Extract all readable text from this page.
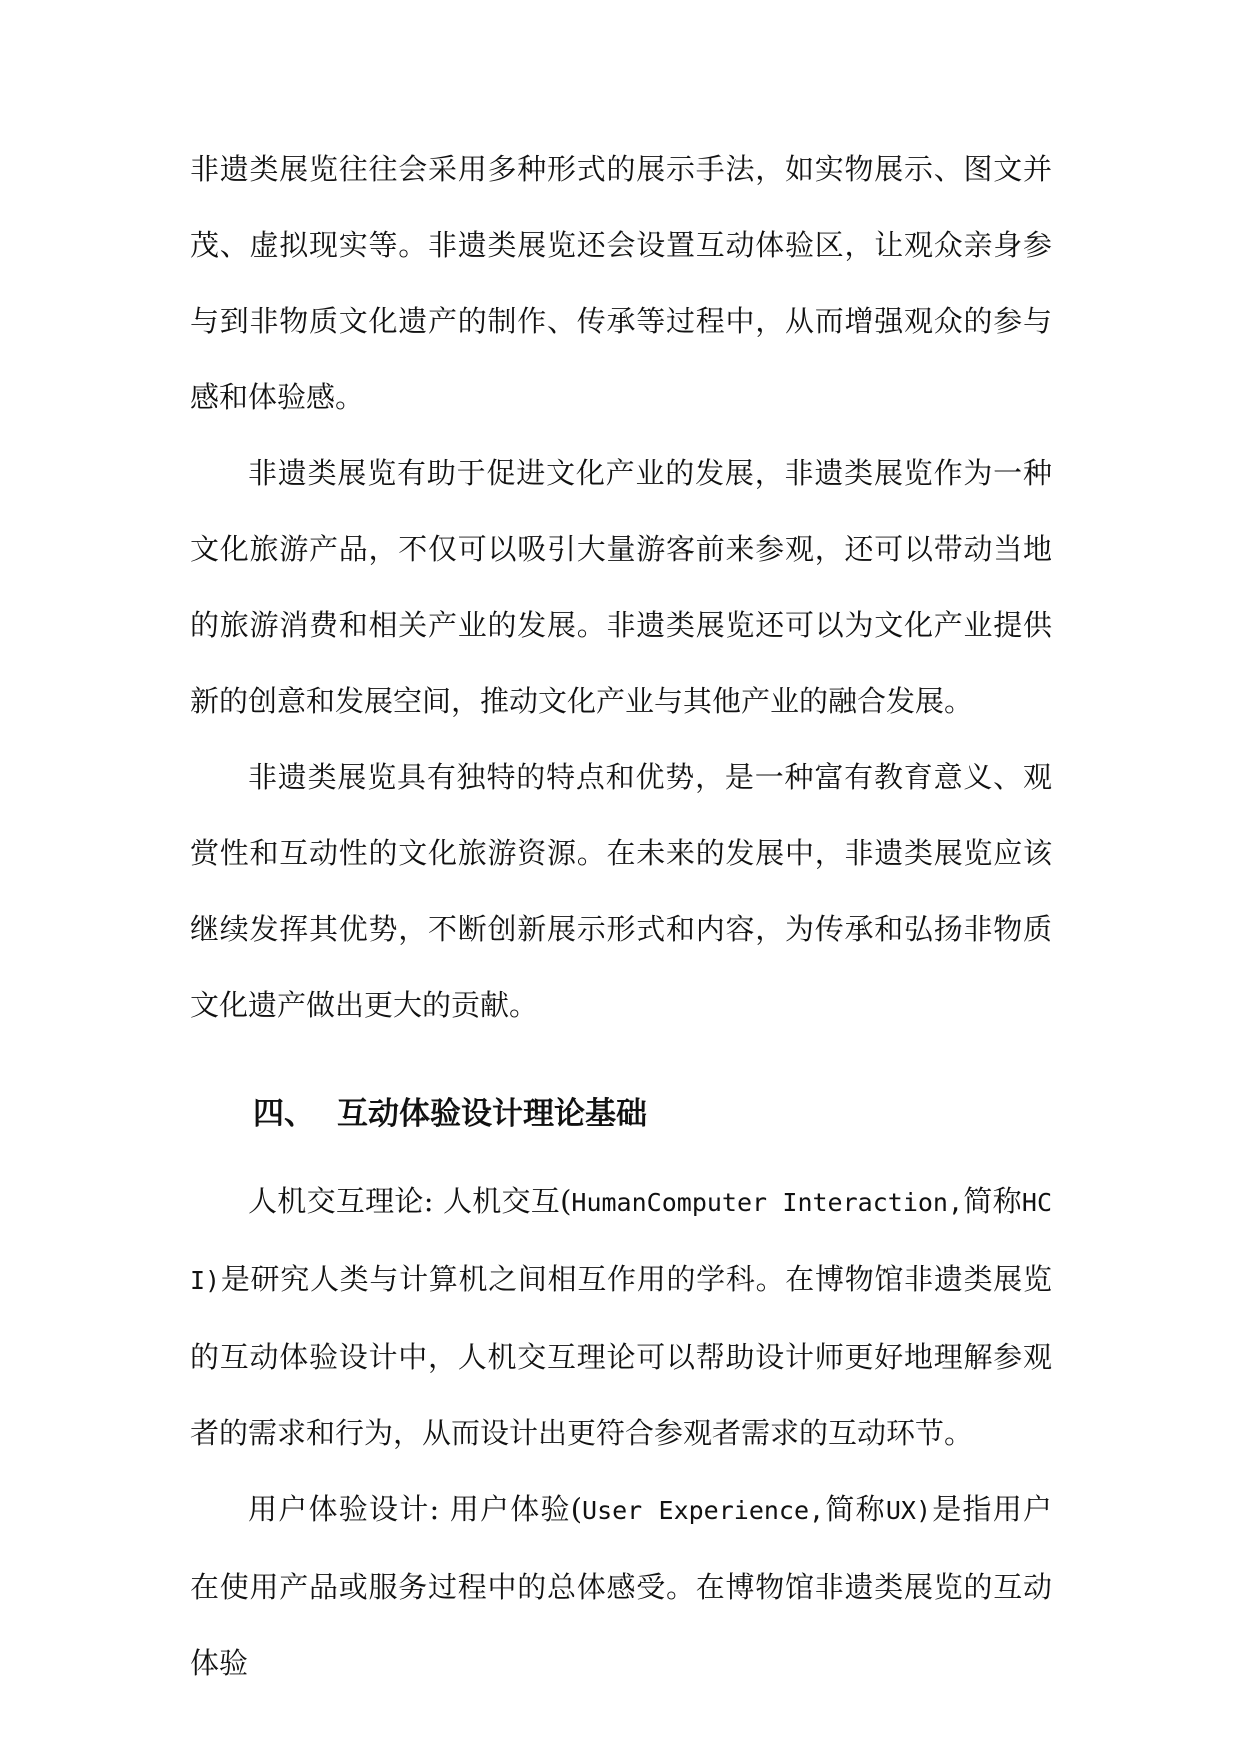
非遗类展览往往会采用多种形式的展示手法，如实物展示、图文并茂、虚拟现实等。非遗类展览还会设置互动体验区，让观众亲身参与到非物质文化遗产的制作、传承等过程中，从而增强观众的参与感和体验感。

非遗类展览有助于促进文化产业的发展，非遗类展览作为一种文化旅游产品，不仅可以吸引大量游客前来参观，还可以带动当地的旅游消费和相关产业的发展。非遗类展览还可以为文化产业提供新的创意和发展空间，推动文化产业与其他产业的融合发展。

非遗类展览具有独特的特点和优势，是一种富有教育意义、观赏性和互动性的文化旅游资源。在未来的发展中，非遗类展览应该继续发挥其优势，不断创新展示形式和内容，为传承和弘扬非物质文化遗产做出更大的贡献。

四、 互动体验设计理论基础

人机交互理论: 人机交互(HumanComputer Interaction,简称HCI)是研究人类与计算机之间相互作用的学科。在博物馆非遗类展览的互动体验设计中，人机交互理论可以帮助设计师更好地理解参观者的需求和行为，从而设计出更符合参观者需求的互动环节。

用户体验设计: 用户体验(User Experience,简称UX)是指用户在使用产品或服务过程中的总体感受。在博物馆非遗类展览的互动体验
